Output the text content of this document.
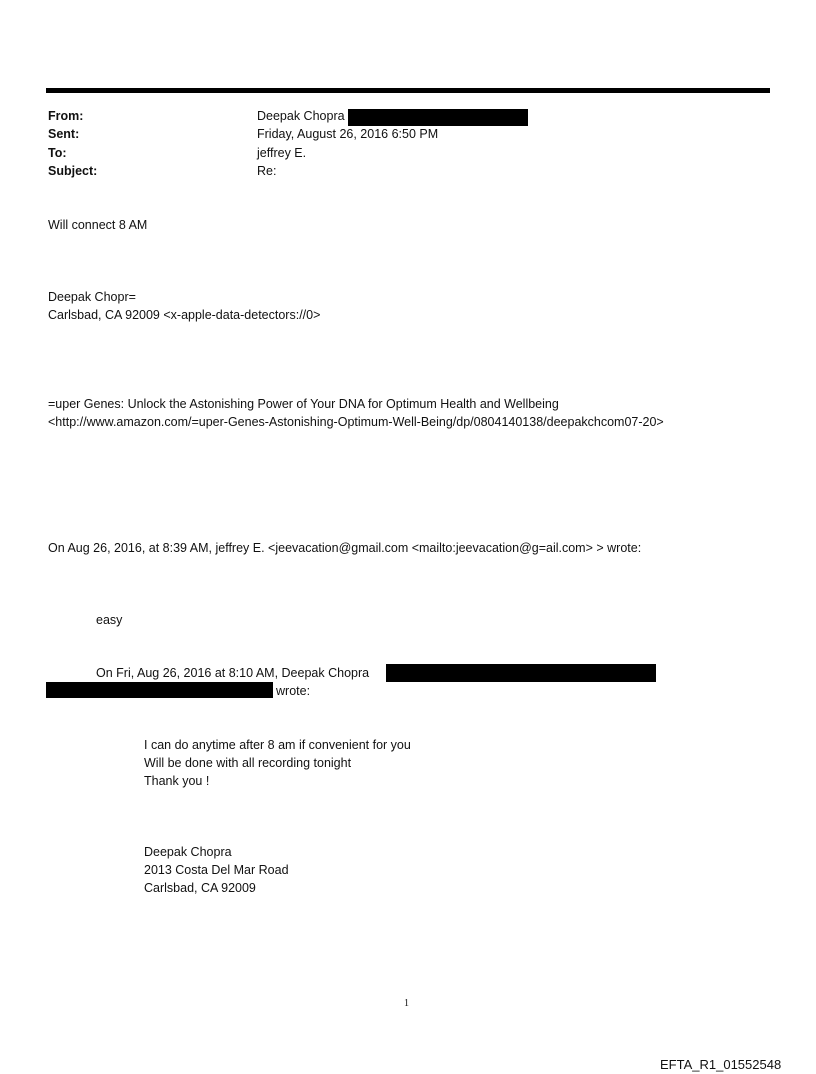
From:	Deepak Chopra
Sent:	Friday, August 26, 2016 6:50 PM
To:	jeffrey E.
Subject:	Re:
Will connect 8 AM
Deepak Chopr=
Carlsbad, CA 92009 <x-apple-data-detectors://0>
=uper Genes: Unlock the Astonishing Power of Your DNA for Optimum Health and Wellbeing
<http://www.amazon.com/=uper-Genes-Astonishing-Optimum-Well-Being/dp/0804140138/deepakchcom07-20>
On Aug 26, 2016, at 8:39 AM, jeffrey E. <jeevacation@gmail.com <mailto:jeevacation@g=ail.com> > wrote:
easy
On Fri, Aug 26, 2016 at 8:10 AM, Deepak Chopra
wrote:
I can do anytime after 8 am if convenient for you
Will be done with all recording tonight
Thank you !
Deepak Chopra
2013 Costa Del Mar Road
Carlsbad, CA 92009
1
EFTA_R1_01552548
